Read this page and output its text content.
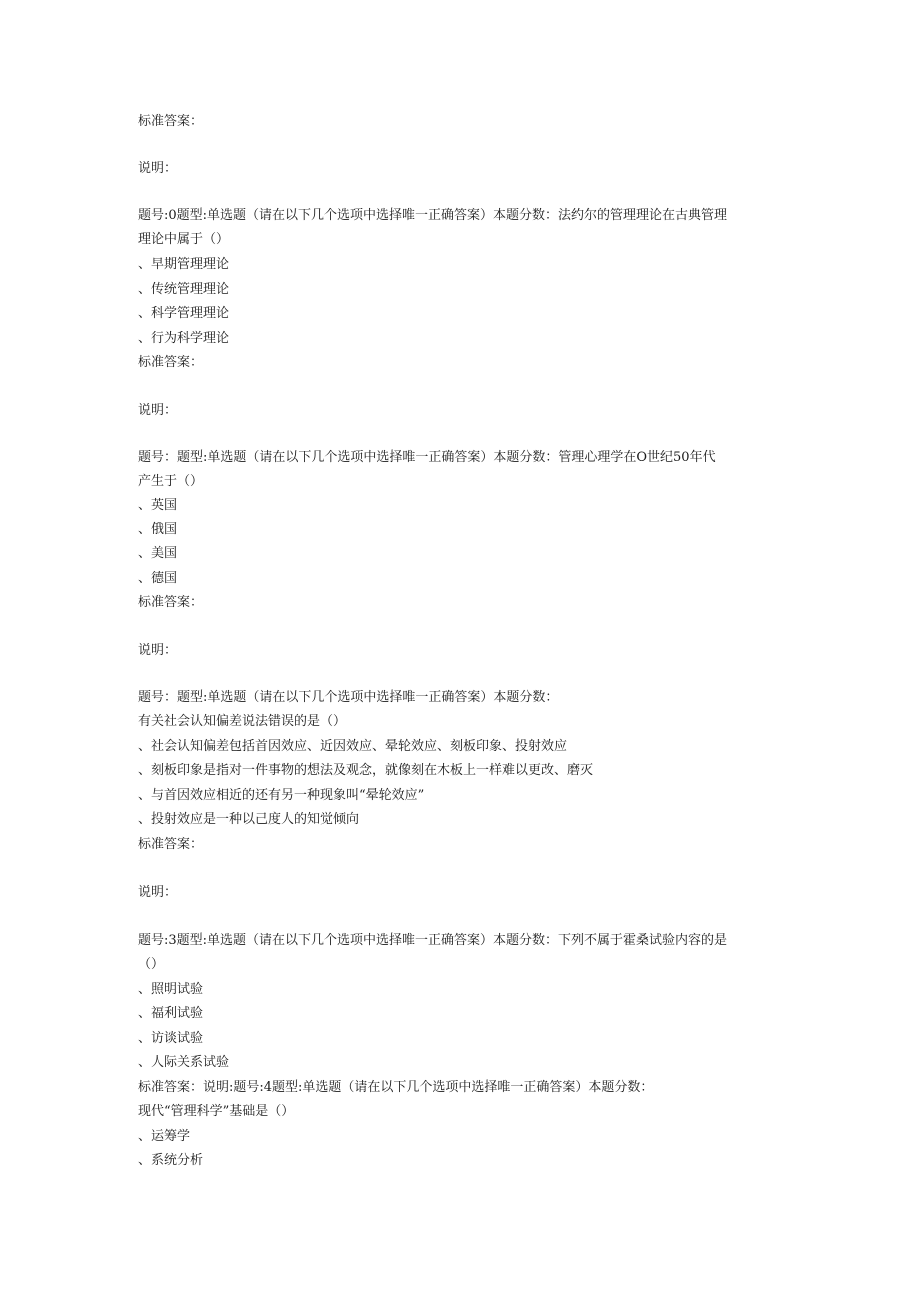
标准答案：
说明：
题号:0题型:单选题（请在以下几个选项中选择唯一正确答案）本题分数：法约尔的管理理论在古典管理
理论中属于（）
、早期管理理论
、传统管理理论
、科学管理理论
、行为科学理论
标准答案：
说明：
题号：题型:单选题（请在以下几个选项中选择唯一正确答案）本题分数：管理心理学在O世纪50年代
产生于（）
、英国
、俄国
、美国
、德国
标准答案：
说明：
题号：题型:单选题（请在以下几个选项中选择唯一正确答案）本题分数：
有关社会认知偏差说法错误的是（）
、社会认知偏差包括首因效应、近因效应、晕轮效应、刻板印象、投射效应
、刻板印象是指对一件事物的想法及观念，就像刻在木板上一样难以更改、磨灭
、与首因效应相近的还有另一种现象叫“晕轮效应”
、投射效应是一种以己度人的知觉倾向
标准答案：
说明：
题号:3题型:单选题（请在以下几个选项中选择唯一正确答案）本题分数：下列不属于霍桑试验内容的是
（）
、照明试验
、福利试验
、访谈试验
、人际关系试验
标准答案：说明:题号:4题型:单选题（请在以下几个选项中选择唯一正确答案）本题分数：
现代“管理科学”基础是（）
、运筹学
、系统分析
